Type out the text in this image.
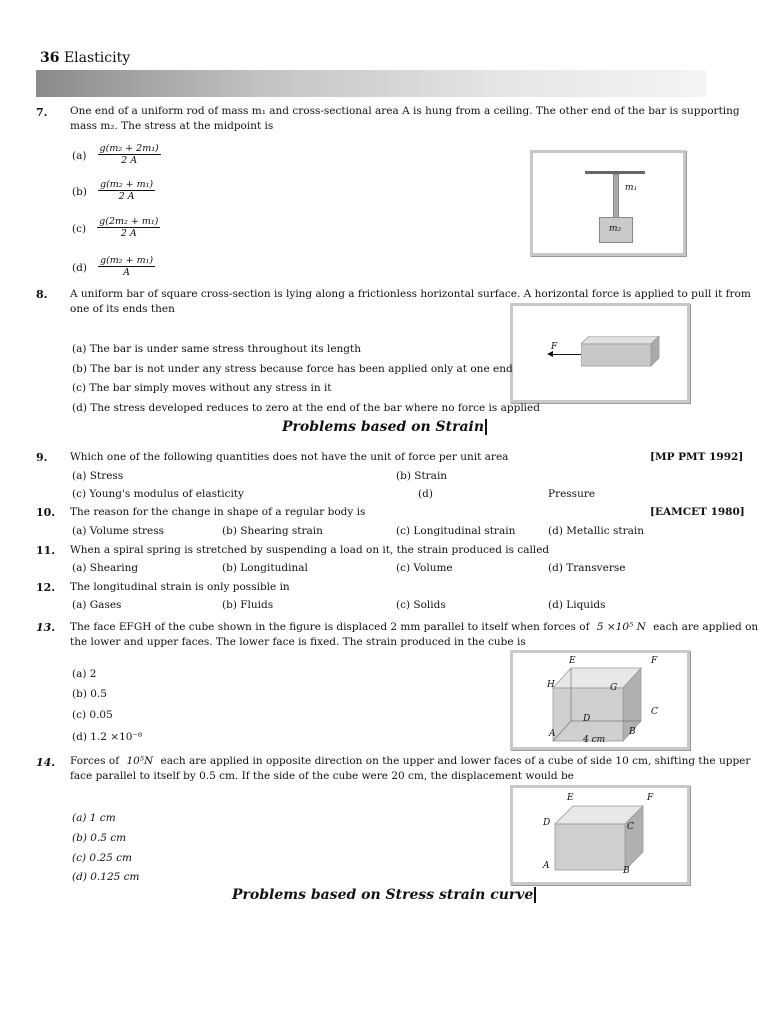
36 Elasticity
7. One end of a uniform rod of mass m₁ and cross-sectional area A is hung from a ceiling. The other end of the bar is supporting
mass m₂. The stress at the midpoint is
$(a) \frac{\text{g(m₂ + 2m₁)}}{2 A}$
$(b) \frac{\text{g(m₂ + m₁)}}{2 A}$
$(c) \frac{\text{g(2m₂ + m₁)}}{2 A}$
$(d) \frac{\text{g(m₂ + m₁)}}{A}$
m₁
m₂
8. A uniform bar of square cross-section is lying along a frictionless horizontal surface. A horizontal force is applied to pull it from
one of its ends then
F
(a) The bar is under same stress throughout its length
(b) The bar is not under any stress because force has been applied only at one end
(c) The bar simply moves without any stress in it
(d) The stress developed reduces to zero at the end of the bar where no force is applied
Problems based on Strain
9. Which one of the following quantities does not have the unit of force per unit area	[MP PMT 1992]
(a) Stress	(b) Strain
(c) Young's modulus of elasticity	(d)	Pressure
10. The reason for the change in shape of a regular body is	[EAMCET 1980]
(a) Volume stress	(b) Shearing strain	(c) Longitudinal strain	(d) Metallic strain
11. When a spiral spring is stretched by suspending a load on it, the strain produced is called
(a) Shearing	(b) Longitudinal	(c) Volume	(d) Transverse
12. The longitudinal strain is only possible in
(a) Gases	(b) Fluids	(c) Solids	(d) Liquids
13. The face EFGH of the cube shown in the figure is displaced 2 mm parallel to itself when forces of 5 ×10⁵ N each are applied on
the lower and upper faces. The lower face is fixed. The strain produced in the cube is
E	F
H	G
C
D
A	B
4 cm
(a) 2
(b) 0.5
(c) 0.05
(d) 1.2 ×10⁻⁸
14. Forces of 10⁵N each are applied in opposite direction on the upper and lower faces of a cube of side 10 cm, shifting the upper
face parallel to itself by 0.5 cm. If the side of the cube were 20 cm, the displacement would be
E	F
D	C
A	B
(a) 1 cm
(b) 0.5 cm
(c) 0.25 cm
(d) 0.125 cm
Problems based on Stress strain curve
